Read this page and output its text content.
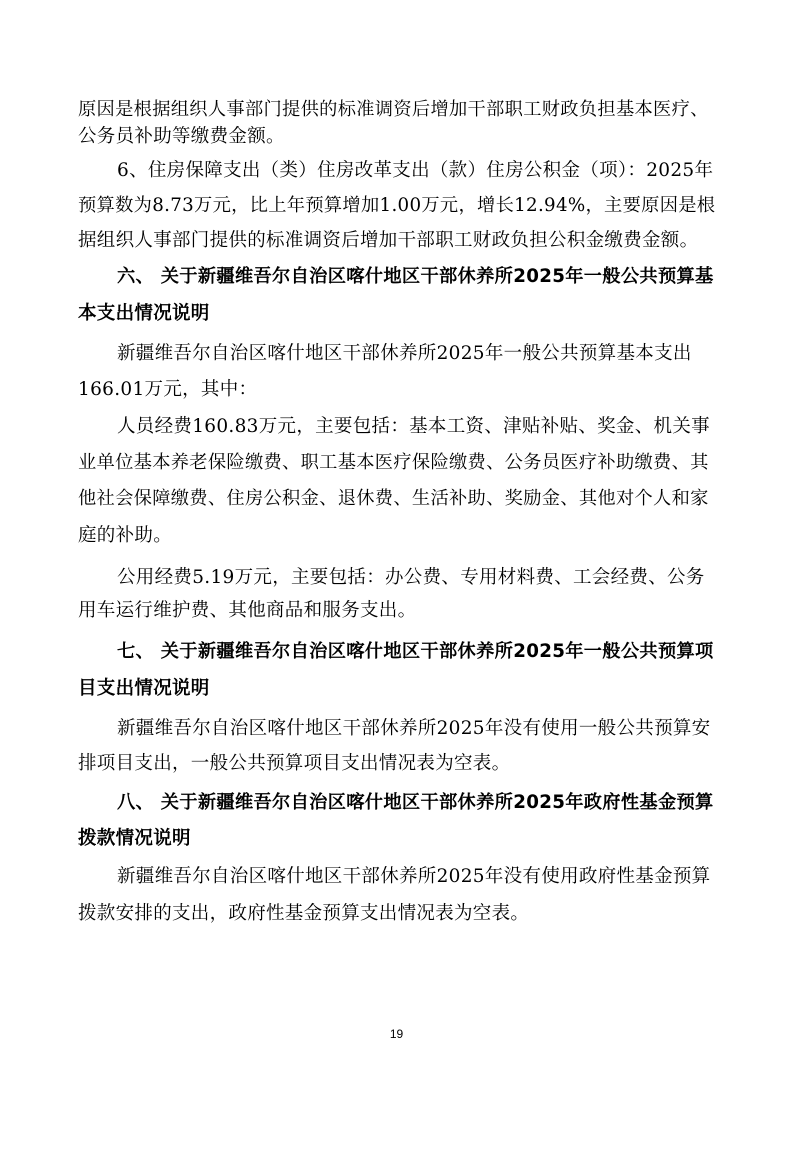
原因是根据组织人事部门提供的标准调资后增加干部职工财政负担基本医疗、
公务员补助等缴费金额。
6、住房保障支出（类）住房改革支出（款）住房公积金（项）：2025年
预算数为8.73万元，比上年预算增加1.00万元，增长12.94%，主要原因是根
据组织人事部门提供的标准调资后增加干部职工财政负担公积金缴费金额。
六、 关于新疆维吾尔自治区喀什地区干部休养所2025年一般公共预算基
本支出情况说明
新疆维吾尔自治区喀什地区干部休养所2025年一般公共预算基本支出
166.01万元，其中：
人员经费160.83万元，主要包括：基本工资、津贴补贴、奖金、机关事
业单位基本养老保险缴费、职工基本医疗保险缴费、公务员医疗补助缴费、其
他社会保障缴费、住房公积金、退休费、生活补助、奖励金、其他对个人和家
庭的补助。
公用经费5.19万元，主要包括：办公费、专用材料费、工会经费、公务
用车运行维护费、其他商品和服务支出。
七、 关于新疆维吾尔自治区喀什地区干部休养所2025年一般公共预算项
目支出情况说明
新疆维吾尔自治区喀什地区干部休养所2025年没有使用一般公共预算安
排项目支出，一般公共预算项目支出情况表为空表。
八、 关于新疆维吾尔自治区喀什地区干部休养所2025年政府性基金预算
拨款情况说明
新疆维吾尔自治区喀什地区干部休养所2025年没有使用政府性基金预算
拨款安排的支出，政府性基金预算支出情况表为空表。
19
